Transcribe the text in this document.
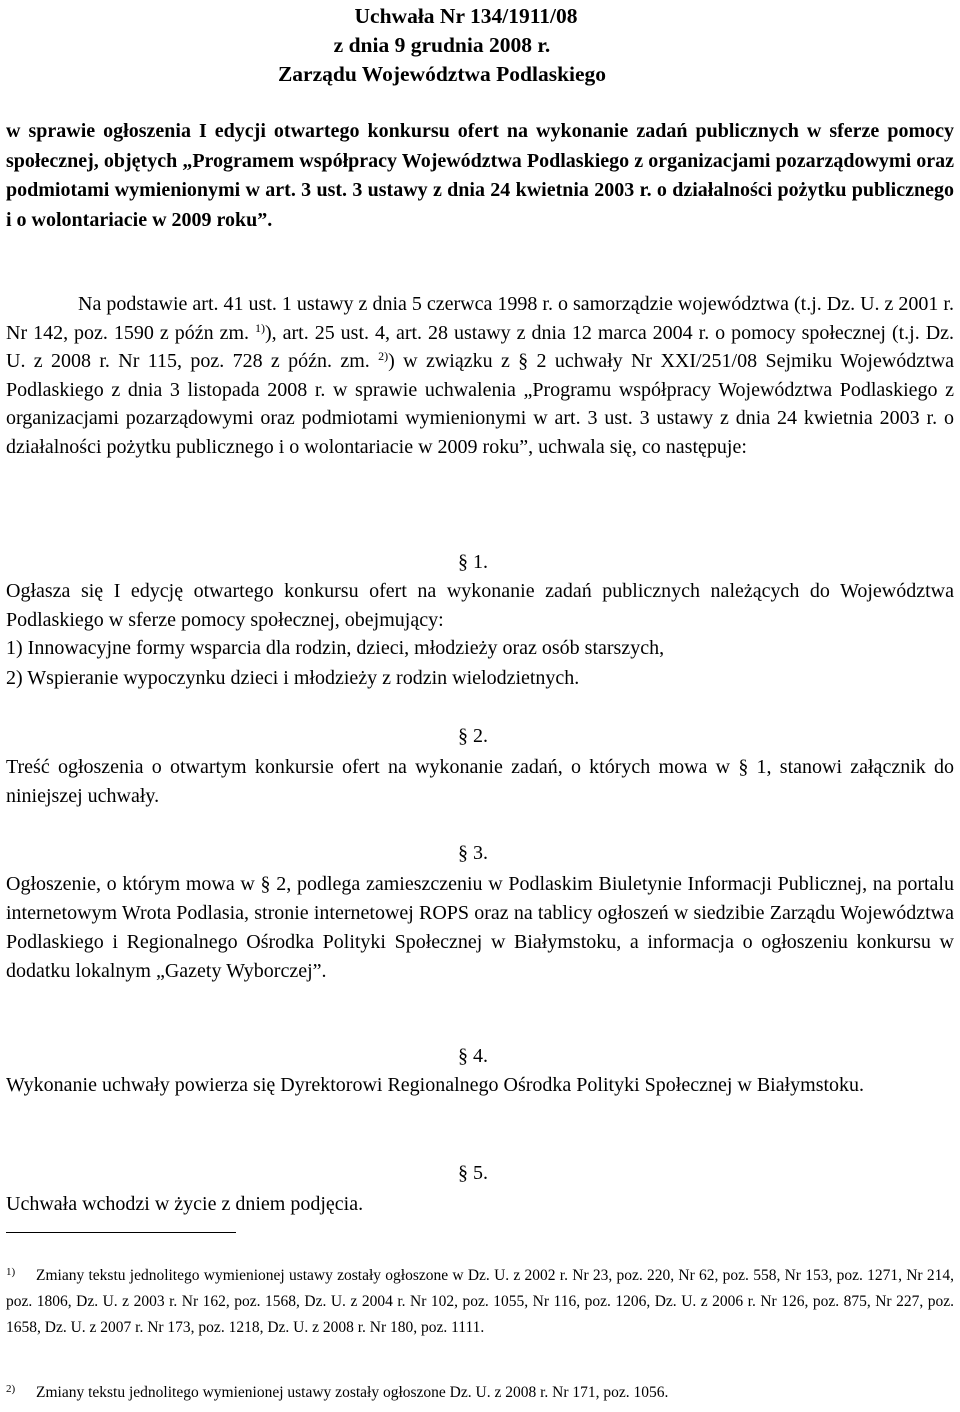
Uchwała Nr 134/1911/08
z dnia 9 grudnia 2008 r.
Zarządu Województwa Podlaskiego
w sprawie ogłoszenia I edycji otwartego konkursu ofert na wykonanie zadań publicznych w sferze pomocy społecznej, objętych „Programem współpracy Województwa Podlaskiego z organizacjami pozarządowymi oraz podmiotami wymienionymi w art. 3 ust. 3 ustawy z dnia 24 kwietnia 2003 r. o działalności pożytku publicznego i o wolontariacie w 2009 roku”.
Na podstawie art. 41 ust. 1 ustawy z dnia 5 czerwca 1998 r. o samorządzie województwa (t.j. Dz. U. z 2001 r. Nr 142, poz. 1590 z późn zm. $^{1)}$), art. 25 ust. 4, art. 28 ustawy z dnia 12 marca 2004 r. o pomocy społecznej (t.j. Dz. U. z 2008 r. Nr 115, poz. 728 z późn. zm. $^{2)}$) w związku z § 2 uchwały Nr XXI/251/08 Sejmiku Województwa Podlaskiego z dnia 3 listopada 2008 r. w sprawie uchwalenia „Programu współpracy Województwa Podlaskiego z organizacjami pozarządowymi oraz podmiotami wymienionymi w art. 3 ust. 3 ustawy z dnia 24 kwietnia 2003 r. o działalności pożytku publicznego i o wolontariacie w 2009 roku”, uchwala się, co następuje:
§ 1.
Ogłasza się I edycję otwartego konkursu ofert na wykonanie zadań publicznych należących do Województwa Podlaskiego w sferze pomocy społecznej, obejmujący:
1) Innowacyjne formy wsparcia dla rodzin, dzieci, młodzieży oraz osób starszych,
2) Wspieranie wypoczynku dzieci i młodzieży z rodzin wielodzietnych.
§ 2.
Treść ogłoszenia o otwartym konkursie ofert na wykonanie zadań, o których mowa w § 1, stanowi załącznik do niniejszej uchwały.
§ 3.
Ogłoszenie, o którym mowa w § 2, podlega zamieszczeniu w Podlaskim Biuletynie Informacji Publicznej, na portalu internetowym Wrota Podlasia, stronie internetowej ROPS oraz na tablicy ogłoszeń w siedzibie Zarządu Województwa Podlaskiego i Regionalnego Ośrodka Polityki Społecznej w Białymstoku, a informacja o ogłoszeniu konkursu w dodatku lokalnym „Gazety Wyborczej”.
§ 4.
Wykonanie uchwały powierza się Dyrektorowi Regionalnego Ośrodka Polityki Społecznej w Białymstoku.
§ 5.
Uchwała wchodzi w życie z dniem podjęcia.
1)	Zmiany tekstu jednolitego wymienionej ustawy zostały ogłoszone w Dz. U. z 2002 r. Nr 23, poz. 220, Nr 62, poz. 558, Nr 153, poz. 1271, Nr 214, poz. 1806, Dz. U. z 2003 r. Nr 162, poz. 1568, Dz. U. z 2004 r. Nr 102, poz. 1055, Nr 116, poz. 1206, Dz. U. z 2006 r. Nr 126, poz. 875, Nr 227, poz. 1658, Dz. U. z 2007 r. Nr 173, poz. 1218, Dz. U. z 2008 r. Nr 180, poz. 1111.
2)	Zmiany tekstu jednolitego wymienionej ustawy zostały ogłoszone Dz. U. z 2008 r. Nr 171, poz. 1056.
